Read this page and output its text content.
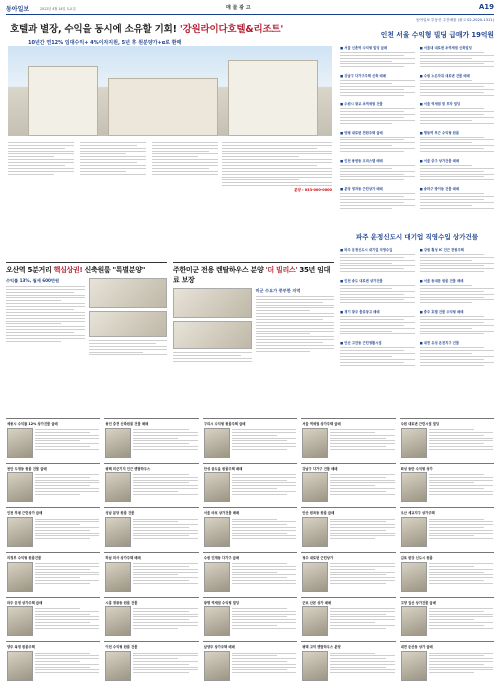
동아일보	2012년 4월 14일 토요일	매 물 광 고	A19
호텔과 별장, 수익을 동시에 소유할 기회! '강원라이다호텔&리조트'
10년간 연12% 임대수익+ 4%이자지원, 5년 후 원분양가+α로 환매
분양 : 033-000-0000
오산역 5분거리 핵심상권! 신축원룸 "특별분양"
수익률 13%, 월세 600만원
주한미군 전용 렌탈하우스 분양 '더 빌리스' 35년 임대료 보장
미군 수요가 풍부한 지역
동아일보 부동산 주간매물 (광고 02-2020-1311)
인천 서울 수익형 빌딩 급매가 19억원
■ 서울 신촌역 수익형 빌딩 급매	■ 서울대 대로변 초역세권 신축빌딩
■ 강남구 다가구주택 신축 매매	■ 수원 노른자위 대로변 건물 매매
■ 수원시 광교 초역세권 건물	■ 서울 역세권 및 투자 빌딩
■ 양평 대로변 전원주택 급매	■ 명동역 부근 수익형 원룸
■ 인천 용현동 오피스텔 매매	■ 서울 중구 상가건물 매매
■ 분당 정자동 근린상가 매매	■ 송파구 방이동 건물 매매
파주 운정신도시 대기업 직영수입 상가건물
■ 파주 운정신도시 대기업 직영수입	■ 강원 횡성 IC 인근 전원주택
■ 인천 송도 대로변 상가건물	■ 서울 동대문 원룸 건물 매매
■ 경기 광주 물류창고 매매	■ 충주 호텔 건물 수익형 매매
■ 안산 고잔동 근린생활시설	■ 대전 유성 온천지구 건물
세종시 수익률 12% 상가건물 급매	용인 중견 신축원룸 건물 매매	구리시 수익형 원룸주택 급매	서울 역세권 상가주택 급매	수원 대로변 근린시설 빌딩
천안 두정동 원룸 건물 급매	평택 미군기지 인근 렌탈하우스	안성 공도읍 원룸주택 매매	강남구 다가구 건물 매매	화성 동탄 수익형 상가
인천 부평 근린상가 급매	성남 분당 원룸 건물	서울 마포 상가건물 매매	안산 원곡동 원룸 급매	오산 세교지구 상가주택
의정부 수익형 원룸건물	하남 미사 상가주택 매매	수원 인계동 다가구 급매	청주 대로변 근린상가	김포 한강 신도시 원룸
파주 운정 상가주택 급매	시흥 정왕동 원룸 건물	광명 역세권 수익형 빌딩	군포 산본 상가 매매	고양 일산 상가건물 급매
양주 옥정 원룸주택	이천 수익형 원룸 건물	남양주 상가주택 매매	평택 고덕 렌탈하우스 분양	대전 둔산동 상가 급매
